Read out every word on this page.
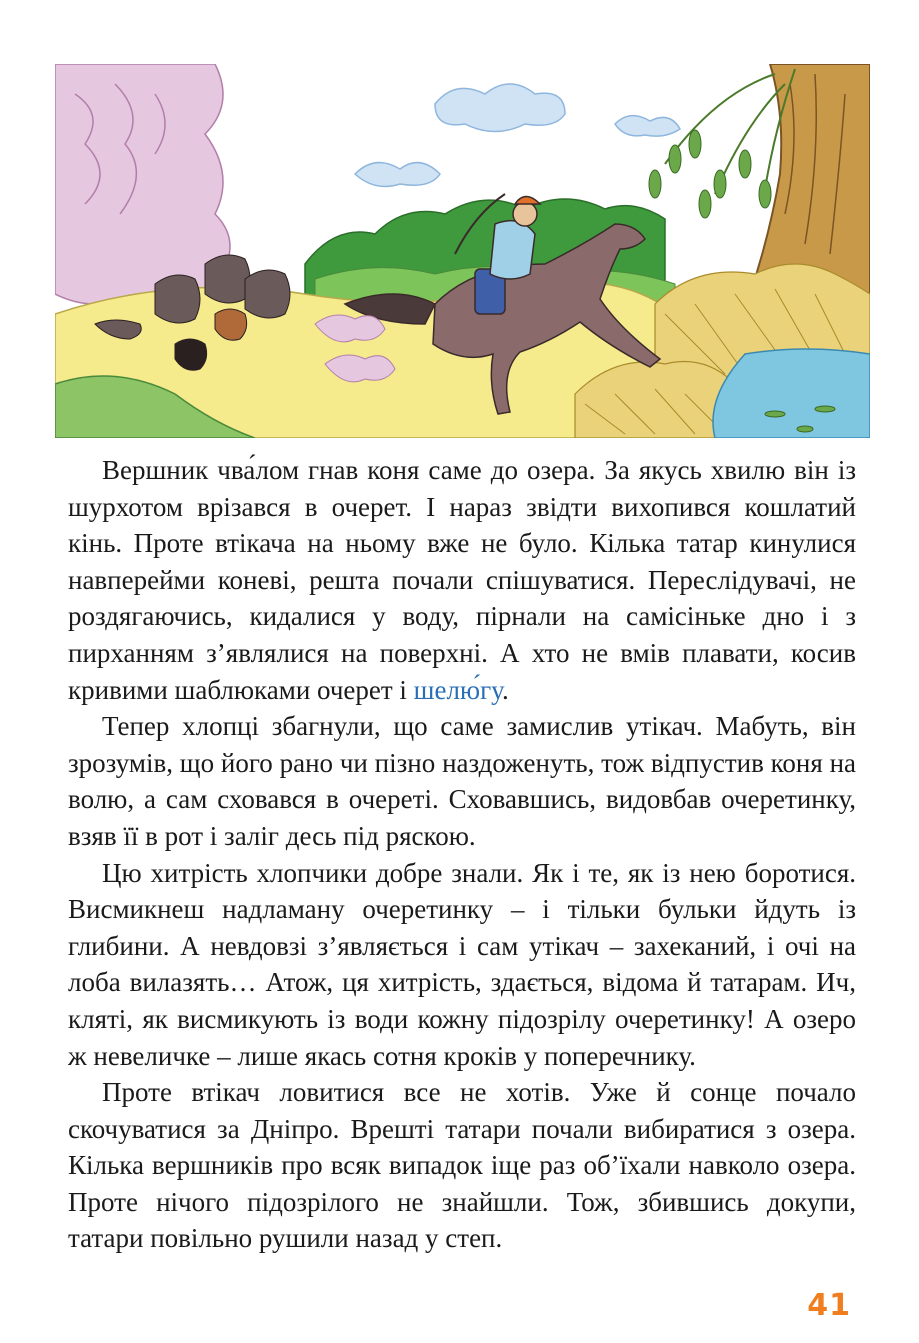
Вершник чва́лом гнав коня саме до озера. За якусь хвилю він із шурхотом врізався в очерет. І нараз звідти вихопився кошлатий кінь. Проте втікача на ньому вже не було. Кілька татар кинулися навперейми коневі, решта почали спішуватися. Переслідувачі, не роздягаючись, кидалися у воду, пірнали на самісіньке дно і з пирханням з’являлися на поверхні. А хто не вмів плавати, косив кривими шаблюками очерет і шелю́гу.

Тепер хлопці збагнули, що саме замислив утікач. Мабуть, він зрозумів, що його рано чи пізно наздоженуть, тож відпустив коня на волю, а сам сховався в очереті. Сховавшись, видовбав очеретинку, взяв її в рот і заліг десь під ряскою.

Цю хитрість хлопчики добре знали. Як і те, як із нею боротися. Висмикнеш надламану очеретинку – і тільки бульки йдуть із глибини. А невдовзі з’являється і сам утікач – захеканий, і очі на лоба вилазять… Атож, ця хитрість, здається, відома й татарам. Ич, кляті, як висмикують із води кожну підозрілу очеретинку! А озеро ж невеличке – лише якась сотня кроків у поперечнику.

Проте втікач ловитися все не хотів. Уже й сонце почало скочуватися за Дніпро. Врешті татари почали вибиратися з озера. Кілька вершників про всяк випадок іще раз об’їхали навколо озера. Проте нічого підозрілого не знайшли. Тож, збившись докупи, татари повільно рушили назад у степ.

41
